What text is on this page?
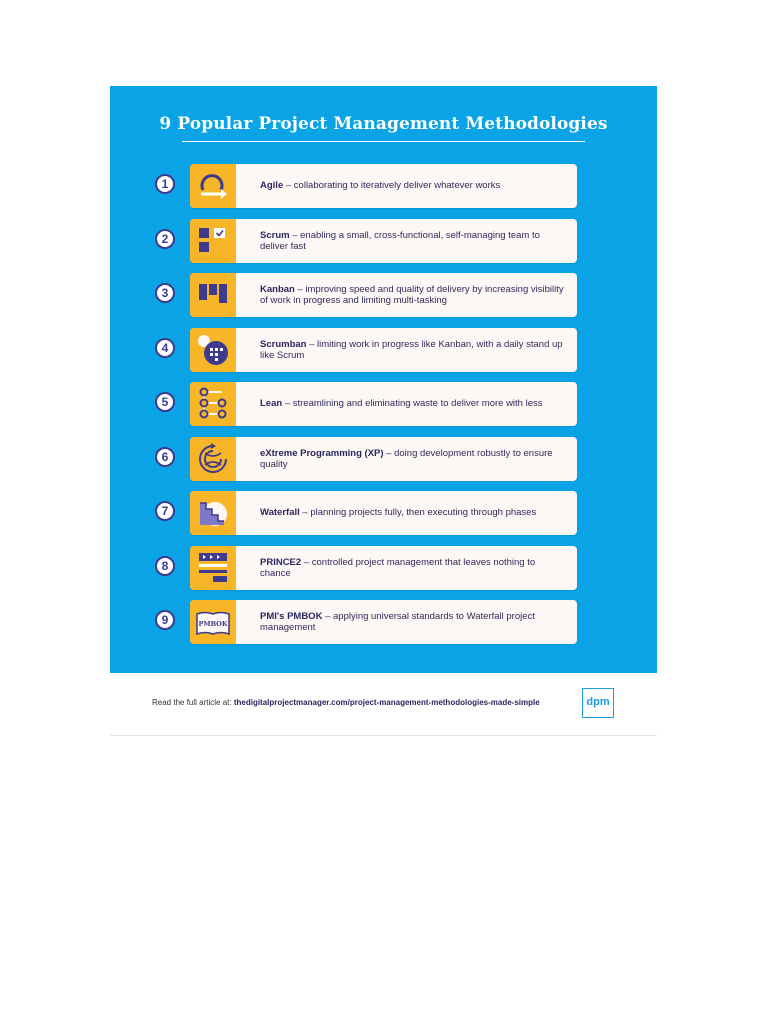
9 Popular Project Management Methodologies
1	Agile – collaborating to iteratively deliver whatever works
2	Scrum – enabling a small, cross-functional, self-managing team to deliver fast
3	Kanban – improving speed and quality of delivery by increasing visibility of work in progress and limiting multi-tasking
4	Scrumban – limiting work in progress like Kanban, with a daily stand up like Scrum
5	Lean – streamlining and eliminating waste to deliver more with less
6	eXtreme Programming (XP) – doing development robustly to ensure quality
7	Waterfall – planning projects fully, then executing through phases
8	PRINCE2 – controlled project management that leaves nothing to chance
9	PMBOK
PMI's PMBOK – applying universal standards to Waterfall project management
Read the full article at: thedigitalprojectmanager.com/project-management-methodologies-made-simple	dpm
